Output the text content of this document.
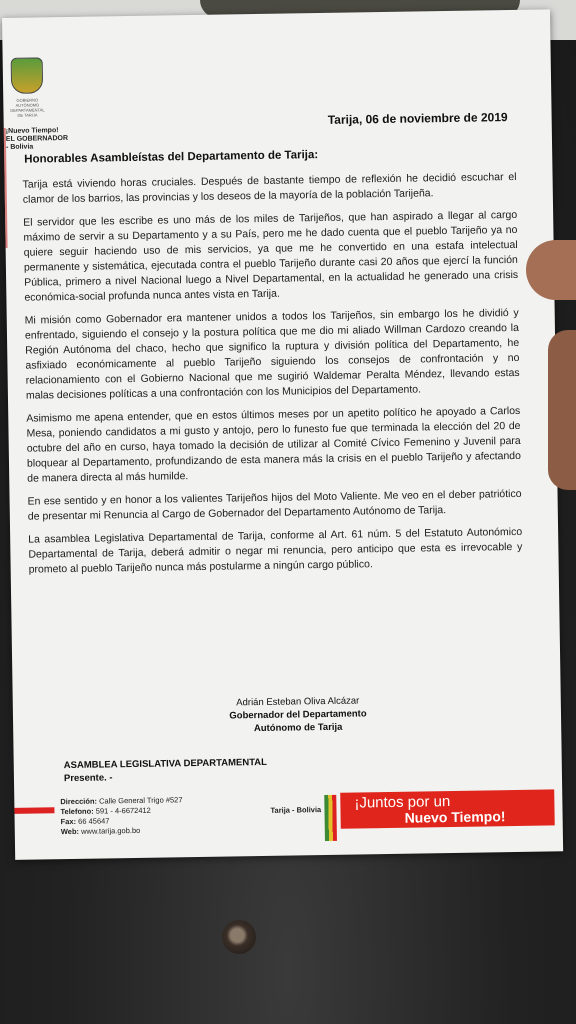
GOBIERNO AUTÓNOMO DEPARTAMENTAL DE TARIJA
¡Nuevo Tiempo!
EL GOBERNADOR
- Bolivia
Tarija, 06 de noviembre de 2019
Honorables Asambleístas del Departamento de Tarija:

Tarija está viviendo horas cruciales. Después de bastante tiempo de reflexión he decidió escuchar el clamor de los barrios, las provincias y los deseos de la mayoría de la población Tarijeña.

El servidor que les escribe es uno más de los miles de Tarijeños, que han aspirado a llegar al cargo máximo de servir a su Departamento y a su País, pero me he dado cuenta que el pueblo Tarijeño ya no quiere seguir haciendo uso de mis servicios, ya que me he convertido en una estafa intelectual permanente y sistemática, ejecutada contra el pueblo Tarijeño durante casi 20 años que ejercí la función Pública, primero a nivel Nacional luego a Nivel Departamental, en la actualidad he generado una crisis económica-social profunda nunca antes vista en Tarija.

Mi misión como Gobernador era mantener unidos a todos los Tarijeños, sin embargo los he dividió y enfrentado, siguiendo el consejo y la postura política que me dio mi aliado Willman Cardozo creando la Región Autónoma del chaco, hecho que significo la ruptura y división política del Departamento, he asfixiado económicamente al pueblo Tarijeño siguiendo los consejos de confrontación y no relacionamiento con el Gobierno Nacional que me sugirió Waldemar Peralta Méndez, llevando estas malas decisiones políticas a una confrontación con los Municipios del Departamento.

Asimismo me apena entender, que en estos últimos meses por un apetito político he apoyado a Carlos Mesa, poniendo candidatos a mi gusto y antojo, pero lo funesto fue que terminada la elección del 20 de octubre del año en curso, haya tomado la decisión de utilizar al Comité Cívico Femenino y Juvenil para bloquear al Departamento, profundizando de esta manera más la crisis en el pueblo Tarijeño y afectando de manera directa al más humilde.

En ese sentido y en honor a los valientes Tarijeños hijos del Moto Valiente. Me veo en el deber patriótico de presentar mi Renuncia al Cargo de Gobernador del Departamento Autónomo de Tarija.

La asamblea Legislativa Departamental de Tarija, conforme al Art. 61 núm. 5 del Estatuto Autonómico Departamental de Tarija, deberá admitir o negar mi renuncia, pero anticipo que esta es irrevocable y prometo al pueblo Tarijeño nunca más postularme a ningún cargo público.

Adrián Esteban Oliva Alcázar
Gobernador del Departamento
Autónomo de Tarija
ASAMBLEA LEGISLATIVA DEPARTAMENTAL
Presente. -
Dirección: Calle General Trigo #527
Telefono: 591 - 4-6672412
Fax: 66 45647
Web: www.tarija.gob.bo
Tarija - Bolivia ¡Juntos por un
Nuevo Tiempo!
